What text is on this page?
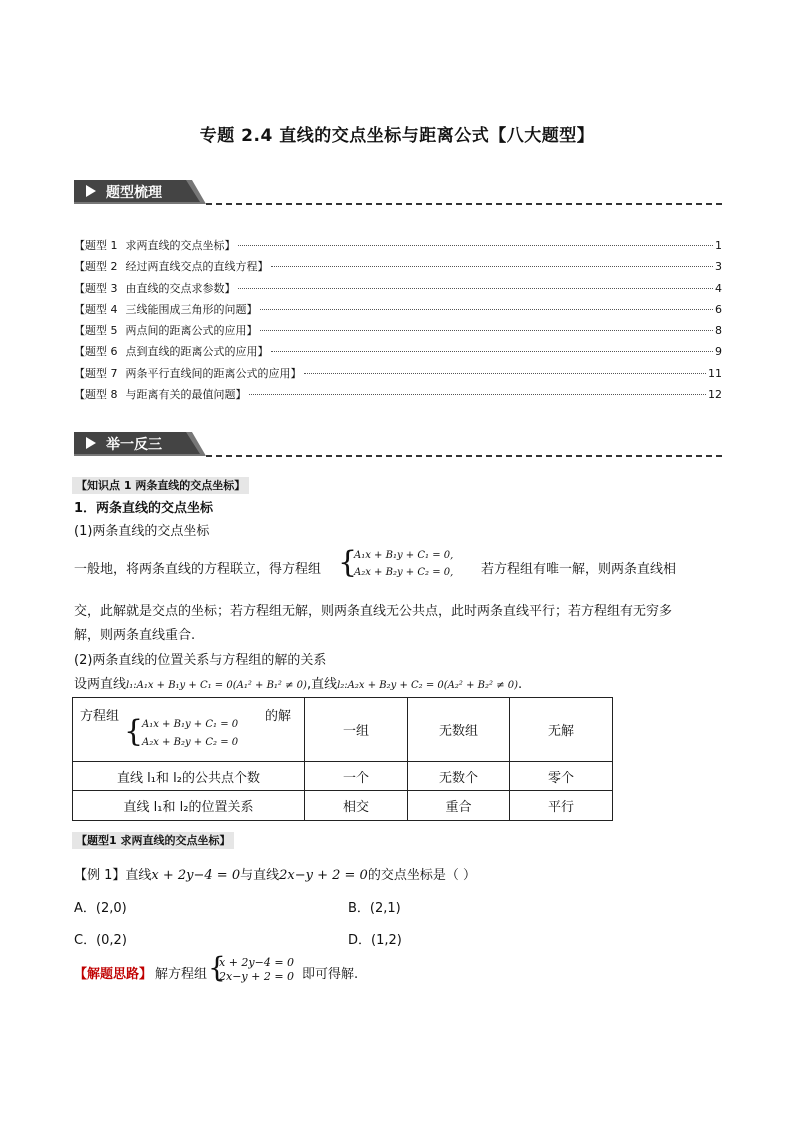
专题 2.4 直线的交点坐标与距离公式【八大题型】
题型梳理
【题型 1 求两直线的交点坐标】	1
【题型 2 经过两直线交点的直线方程】	3
【题型 3 由直线的交点求参数】	4
【题型 4 三线能围成三角形的问题】	6
【题型 5 两点间的距离公式的应用】	8
【题型 6 点到直线的距离公式的应用】	9
【题型 7 两条平行直线间的距离公式的应用】	11
【题型 8 与距离有关的最值问题】	12
举一反三
【知识点 1 两条直线的交点坐标】
1．两条直线的交点坐标
(1)两条直线的交点坐标
一般地，将两条直线的方程联立，得方程组 {
A₁x + B₁y + C₁ = 0,
A₂x + B₂y + C₂ = 0, 若方程组有唯一解，则两条直线相
交，此解就是交点的坐标；若方程组无解，则两条直线无公共点，此时两条直线平行；若方程组有无穷多
解，则两条直线重合.
(2)两条直线的位置关系与方程组的解的关系
设两直线l₁:A₁x + B₁y + C₁ = 0(A₁² + B₁² ≠ 0),直线l₂:A₂x + B₂y + C₂ = 0(A₂² + B₂² ≠ 0).
方程组 {
A₁x + B₁y + C₁ = 0
A₂x + B₂y + C₂ = 0
的解	一组	无数组	无解
直线 l₁和 l₂的公共点个数	一个	无数个	零个
直线 l₁和 l₂的位置关系	相交	重合	平行
【题型1 求两直线的交点坐标】
【例 1】直线x + 2y−4 = 0与直线2x−y + 2 = 0的交点坐标是（ ）
A．(2,0)	B．(2,1)
C．(0,2)	D．(1,2)
【解题思路】 解方程组 {
x + 2y−4 = 0
2x−y + 2 = 0 即可得解.
